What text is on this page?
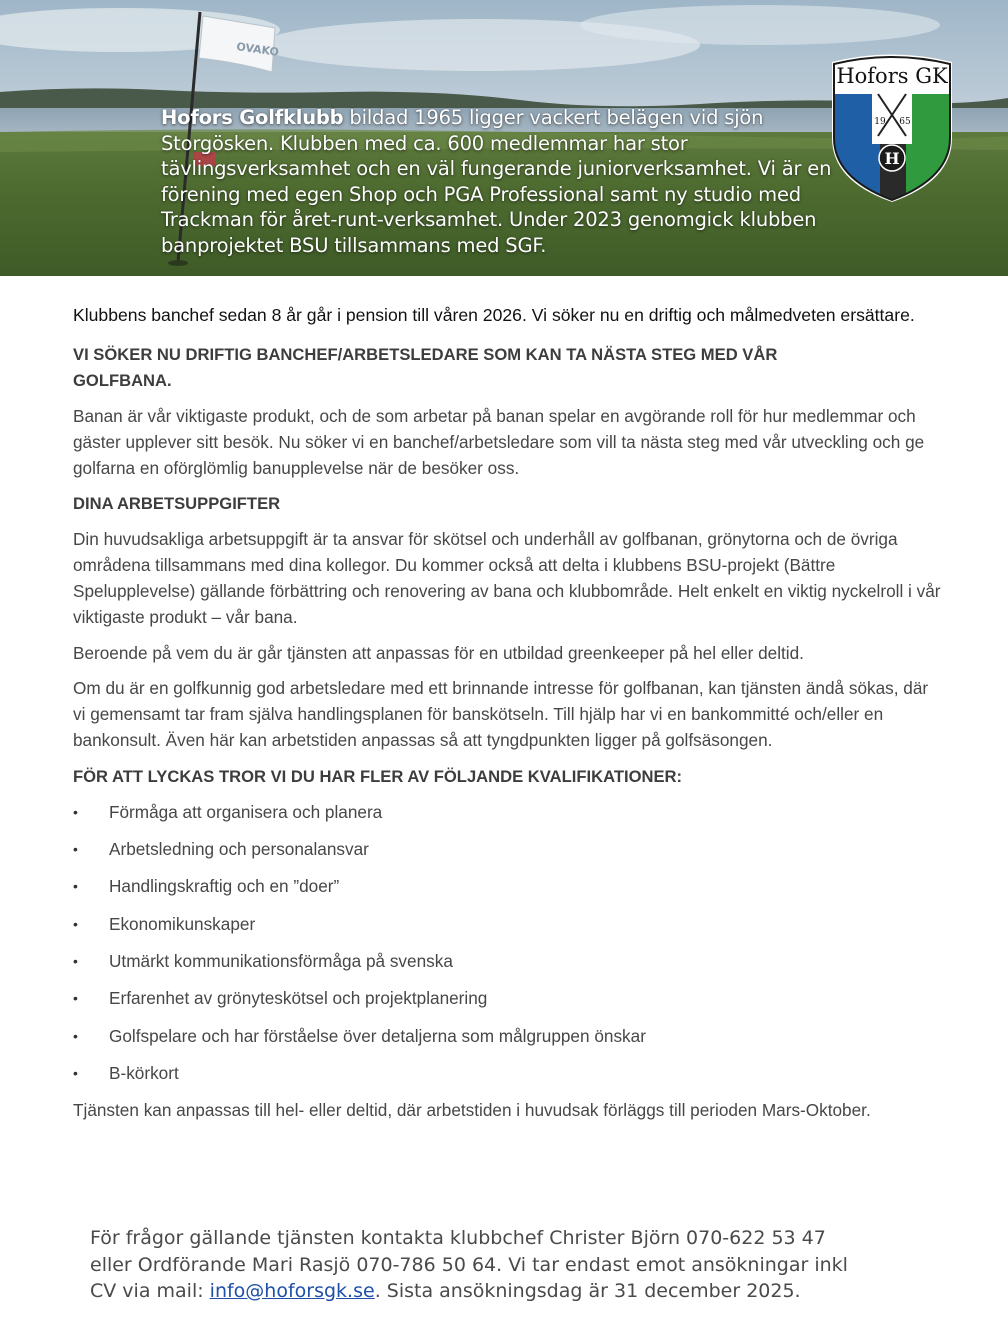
OVAKO
Hofors Golfklubb bildad 1965 ligger vackert belägen vid sjön Storgösken. Klubben med ca. 600 medlemmar har stor tävlingsverksamhet och en väl fungerande juniorverksamhet. Vi är en förening med egen Shop och PGA Professional samt ny studio med Trackman för året-runt-verksamhet. Under 2023 genomgick klubben banprojektet BSU tillsammans med SGF.
Hofors GK
19 65
H

Klubbens banchef sedan 8 år går i pension till våren 2026. Vi söker nu en driftig och målmedveten ersättare.

VI SÖKER NU DRIFTIG BANCHEF/ARBETSLEDARE SOM KAN TA NÄSTA STEG MED VÅR GOLFBANA.

Banan är vår viktigaste produkt, och de som arbetar på banan spelar en avgörande roll för hur medlemmar och gäster upplever sitt besök. Nu söker vi en banchef/arbetsledare som vill ta nästa steg med vår utveckling och ge golfarna en oförglömlig banupplevelse när de besöker oss.

DINA ARBETSUPPGIFTER

Din huvudsakliga arbetsuppgift är ta ansvar för skötsel och underhåll av golfbanan, grönytorna och de övriga områdena tillsammans med dina kollegor. Du kommer också att delta i klubbens BSU-projekt (Bättre Spelupplevelse) gällande förbättring och renovering av bana och klubbområde. Helt enkelt en viktig nyckelroll i vår viktigaste produkt – vår bana.

Beroende på vem du är går tjänsten att anpassas för en utbildad greenkeeper på hel eller deltid.

Om du är en golfkunnig god arbetsledare med ett brinnande intresse för golfbanan, kan tjänsten ändå sökas, där vi gemensamt tar fram själva handlingsplanen för banskötseln. Till hjälp har vi en bankommitté och/eller en bankonsult. Även här kan arbetstiden anpassas så att tyngdpunkten ligger på golfsäsongen.

FÖR ATT LYCKAS TROR VI DU HAR FLER AV FÖLJANDE KVALIFIKATIONER:
• Förmåga att organisera och planera
• Arbetsledning och personalansvar
• Handlingskraftig och en ”doer”
• Ekonomikunskaper
• Utmärkt kommunikationsförmåga på svenska
• Erfarenhet av grönyteskötsel och projektplanering
• Golfspelare och har förståelse över detaljerna som målgruppen önskar
• B-körkort

Tjänsten kan anpassas till hel- eller deltid, där arbetstiden i huvudsak förläggs till perioden Mars-Oktober.

För frågor gällande tjänsten kontakta klubbchef Christer Björn 070-622 53 47 eller Ordförande Mari Rasjö 070-786 50 64. Vi tar endast emot ansökningar inkl CV via mail: info@hoforsgk.se. Sista ansökningsdag är 31 december 2025.
